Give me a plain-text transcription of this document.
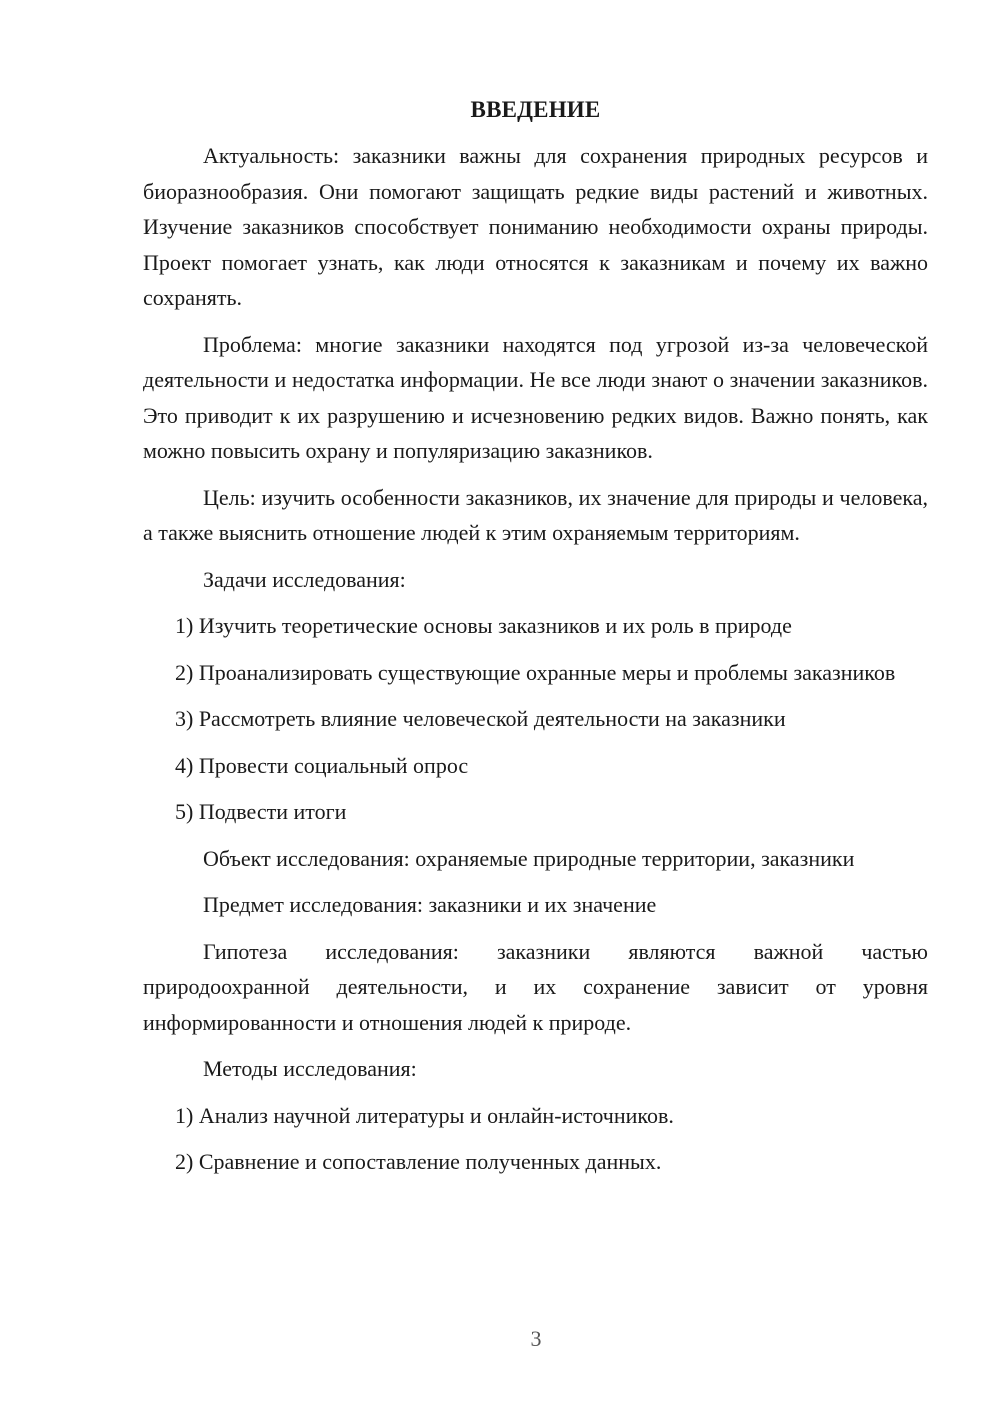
ВВЕДЕНИЕ

Актуальность: заказники важны для сохранения природных ресурсов и биоразнообразия. Они помогают защищать редкие виды растений и животных. Изучение заказников способствует пониманию необходимости охраны природы. Проект помогает узнать, как люди относятся к заказникам и почему их важно сохранять.

Проблема: многие заказники находятся под угрозой из-за человеческой деятельности и недостатка информации. Не все люди знают о значении заказников. Это приводит к их разрушению и исчезновению редких видов. Важно понять, как можно повысить охрану и популяризацию заказников.

Цель: изучить особенности заказников, их значение для природы и человека, а также выяснить отношение людей к этим охраняемым территориям.

Задачи исследования:

1) Изучить теоретические основы заказников и их роль в природе

2) Проанализировать существующие охранные меры и проблемы заказников

3) Рассмотреть влияние человеческой деятельности на заказники

4) Провести социальный опрос

5) Подвести итоги

Объект исследования: охраняемые природные территории, заказники

Предмет исследования: заказники и их значение

Гипотеза исследования: заказники являются важной частью природоохранной деятельности, и их сохранение зависит от уровня информированности и отношения людей к природе.

Методы исследования:

1) Анализ научной литературы и онлайн-источников.

2) Сравнение и сопоставление полученных данных.

3
